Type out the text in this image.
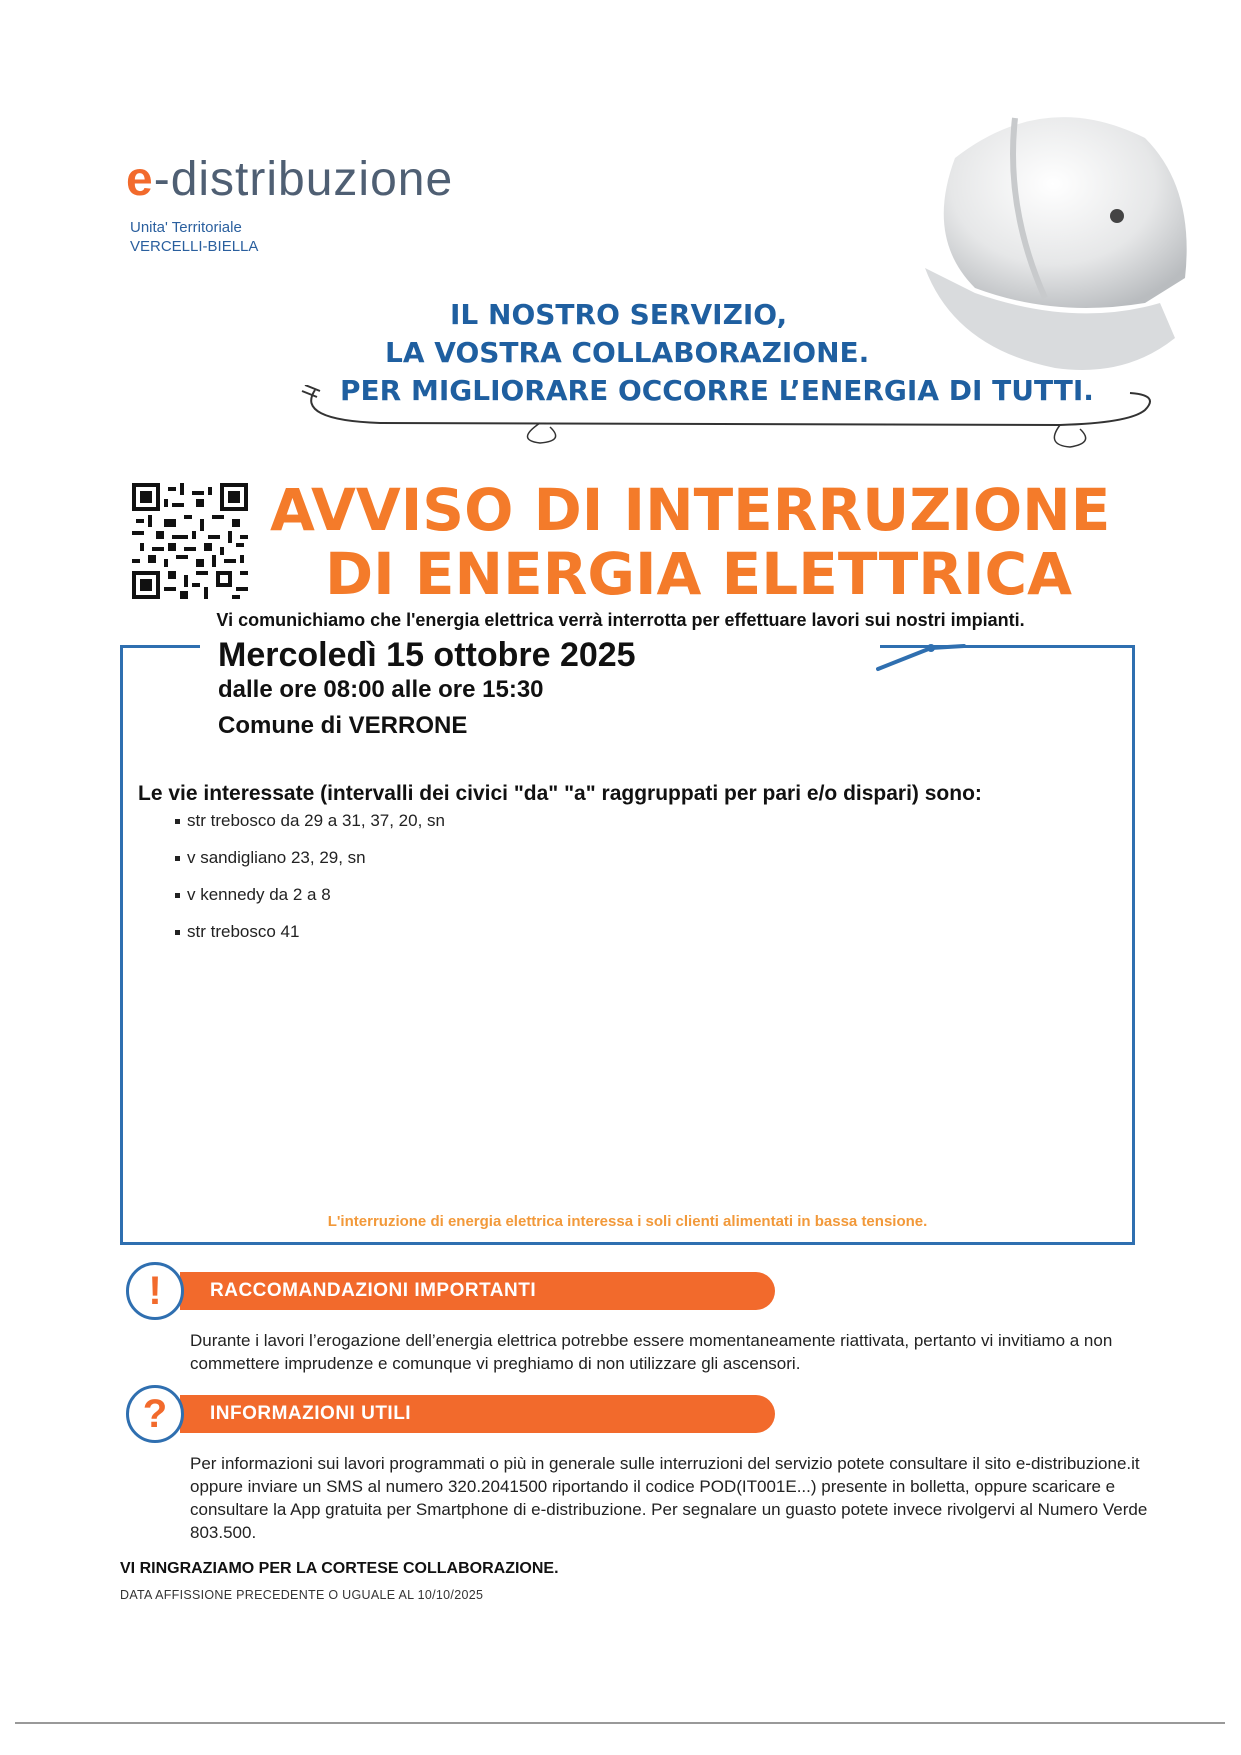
e-distribuzione
Unita' Territoriale
VERCELLI-BIELLA
IL NOSTRO SERVIZIO,
LA VOSTRA COLLABORAZIONE.
PER MIGLIORARE OCCORRE L’ENERGIA DI TUTTI.
AVVISO DI INTERRUZIONE
DI ENERGIA ELETTRICA
Vi comunichiamo che l'energia elettrica verrà interrotta per effettuare lavori sui nostri impianti.
Mercoledì 15 ottobre 2025
dalle ore 08:00 alle ore 15:30
Comune di VERRONE
Le vie interessate (intervalli dei civici "da" "a" raggruppati per pari e/o dispari) sono:
str trebosco da 29 a 31, 37, 20, sn
v sandigliano 23, 29, sn
v kennedy da 2 a 8
str trebosco 41
L'interruzione di energia elettrica interessa i soli clienti alimentati in bassa tensione.
RACCOMANDAZIONI IMPORTANTI
!
Durante i lavori l’erogazione dell’energia elettrica potrebbe essere momentaneamente riattivata, pertanto vi invitiamo a non commettere imprudenze e comunque vi preghiamo di non utilizzare gli ascensori.
INFORMAZIONI UTILI
?
Per informazioni sui lavori programmati o più in generale sulle interruzioni del servizio potete consultare il sito e-distribuzione.it oppure inviare un SMS al numero 320.2041500 riportando il codice POD(IT001E...) presente in bolletta, oppure scaricare e consultare la App gratuita per Smartphone di e-distribuzione. Per segnalare un guasto potete invece rivolgervi al Numero Verde 803.500.
VI RINGRAZIAMO PER LA CORTESE COLLABORAZIONE.
DATA AFFISSIONE PRECEDENTE O UGUALE AL 10/10/2025
